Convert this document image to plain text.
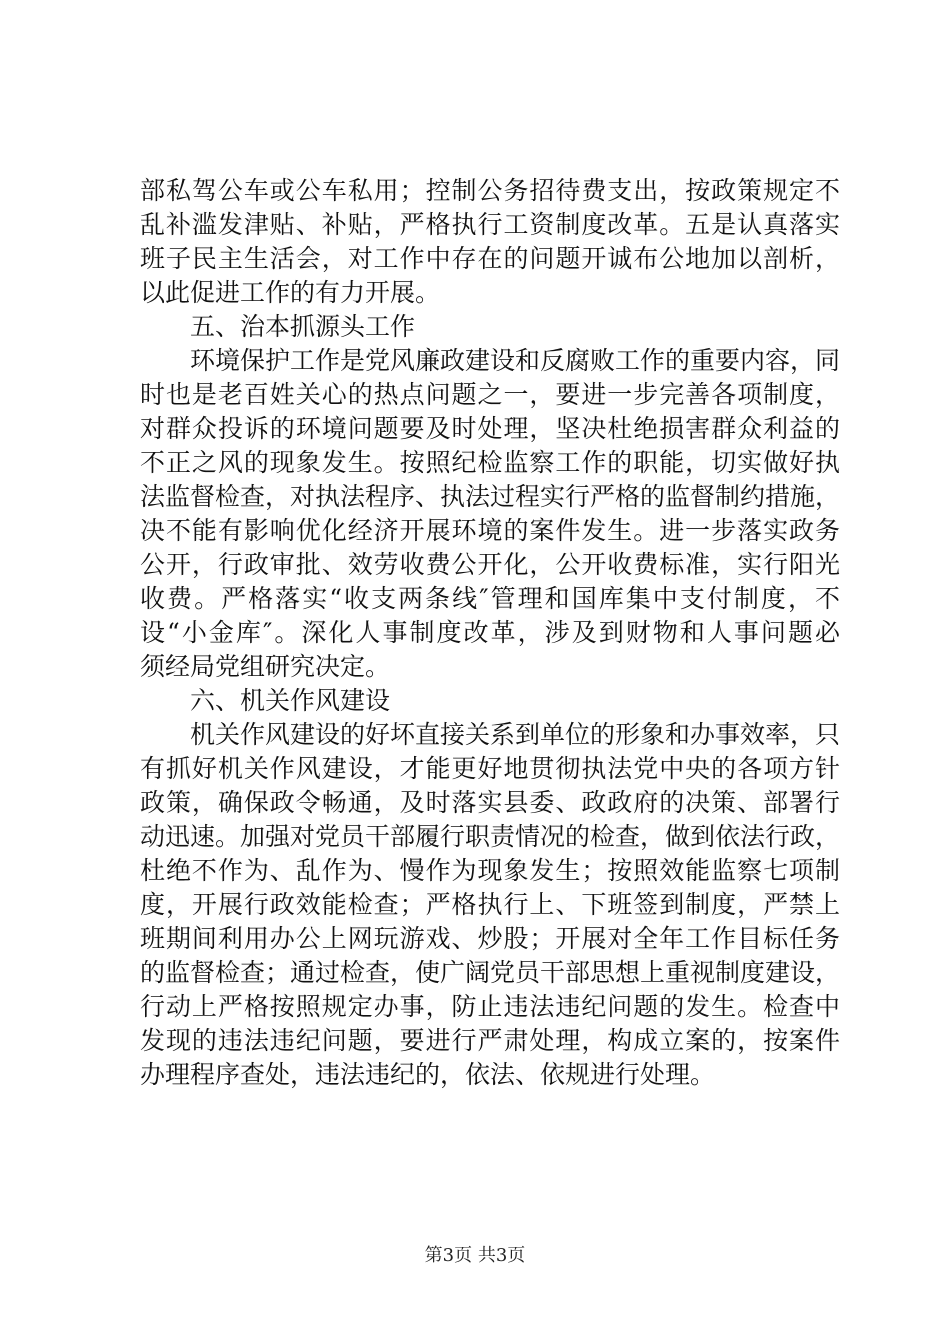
部私驾公车或公车私用；控制公务招待费支出，按政策规定不
乱补滥发津贴、补贴，严格执行工资制度改革。五是认真落实
班子民主生活会，对工作中存在的问题开诚布公地加以剖析，
以此促进工作的有力开展。
五、治本抓源头工作
环境保护工作是党风廉政建设和反腐败工作的重要内容，同
时也是老百姓关心的热点问题之一，要进一步完善各项制度，
对群众投诉的环境问题要及时处理，坚决杜绝损害群众利益的
不正之风的现象发生。按照纪检监察工作的职能，切实做好执
法监督检查，对执法程序、执法过程实行严格的监督制约措施，
决不能有影响优化经济开展环境的案件发生。进一步落实政务
公开，行政审批、效劳收费公开化，公开收费标准，实行阳光
收费。严格落实“收支两条线″管理和国库集中支付制度，不
设“小金库″。深化人事制度改革，涉及到财物和人事问题必
须经局党组研究决定。
六、机关作风建设
机关作风建设的好坏直接关系到单位的形象和办事效率，只
有抓好机关作风建设，才能更好地贯彻执法党中央的各项方针
政策，确保政令畅通，及时落实县委、政政府的决策、部署行
动迅速。加强对党员干部履行职责情况的检查，做到依法行政，
杜绝不作为、乱作为、慢作为现象发生；按照效能监察七项制
度，开展行政效能检查；严格执行上、下班签到制度，严禁上
班期间利用办公上网玩游戏、炒股；开展对全年工作目标任务
的监督检查；通过检查，使广阔党员干部思想上重视制度建设，
行动上严格按照规定办事，防止违法违纪问题的发生。检查中
发现的违法违纪问题，要进行严肃处理，构成立案的，按案件
办理程序查处，违法违纪的，依法、依规进行处理。
第3页 共3页
